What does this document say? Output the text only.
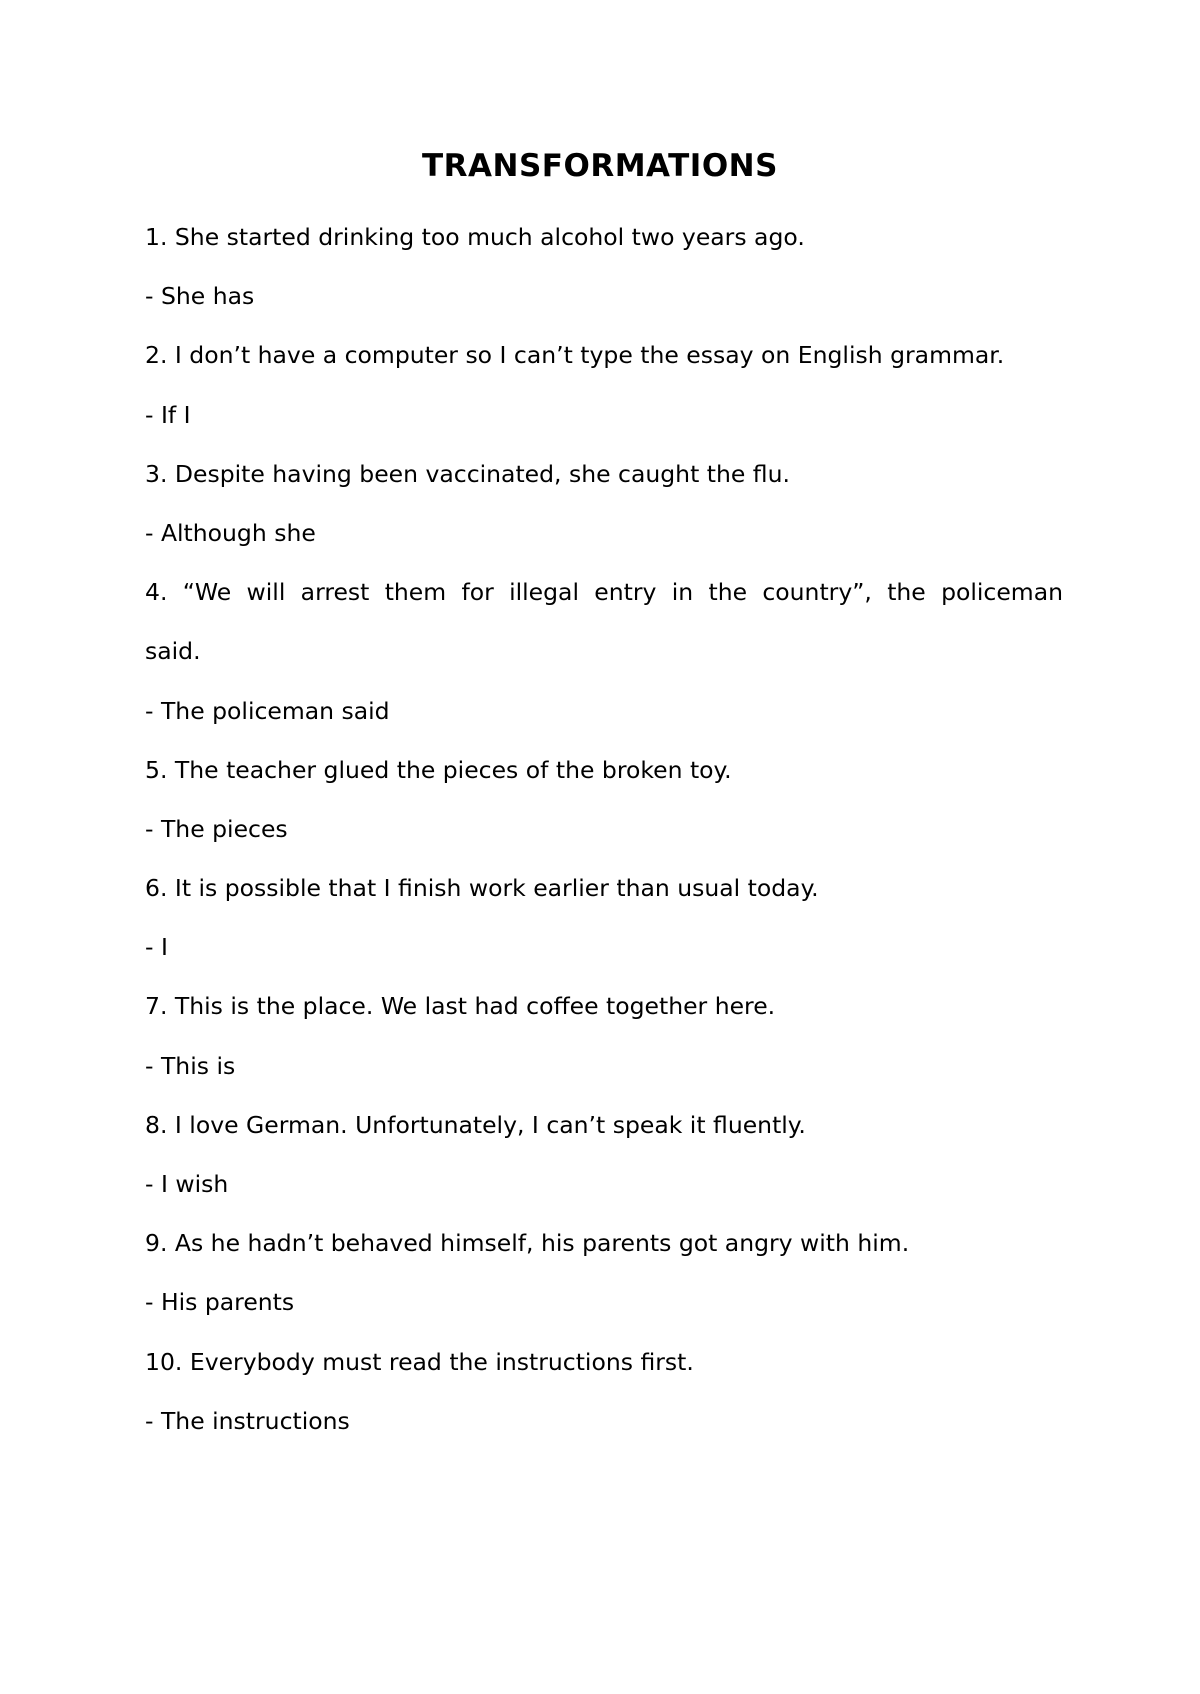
TRANSFORMATIONS
1. She started drinking too much alcohol two years ago.
- She has
2. I don’t have a computer so I can’t type the essay on English grammar.
- If I
3. Despite having been vaccinated, she caught the flu.
- Although she
4. “We will arrest them for illegal entry in the country”, the policeman
said.
- The policeman said
5. The teacher glued the pieces of the broken toy.
- The pieces
6. It is possible that I finish work earlier than usual today.
- I
7. This is the place. We last had coffee together here.
- This is
8. I love German. Unfortunately, I can’t speak it fluently.
- I wish
9. As he hadn’t behaved himself, his parents got angry with him.
- His parents
10. Everybody must read the instructions first.
- The instructions
